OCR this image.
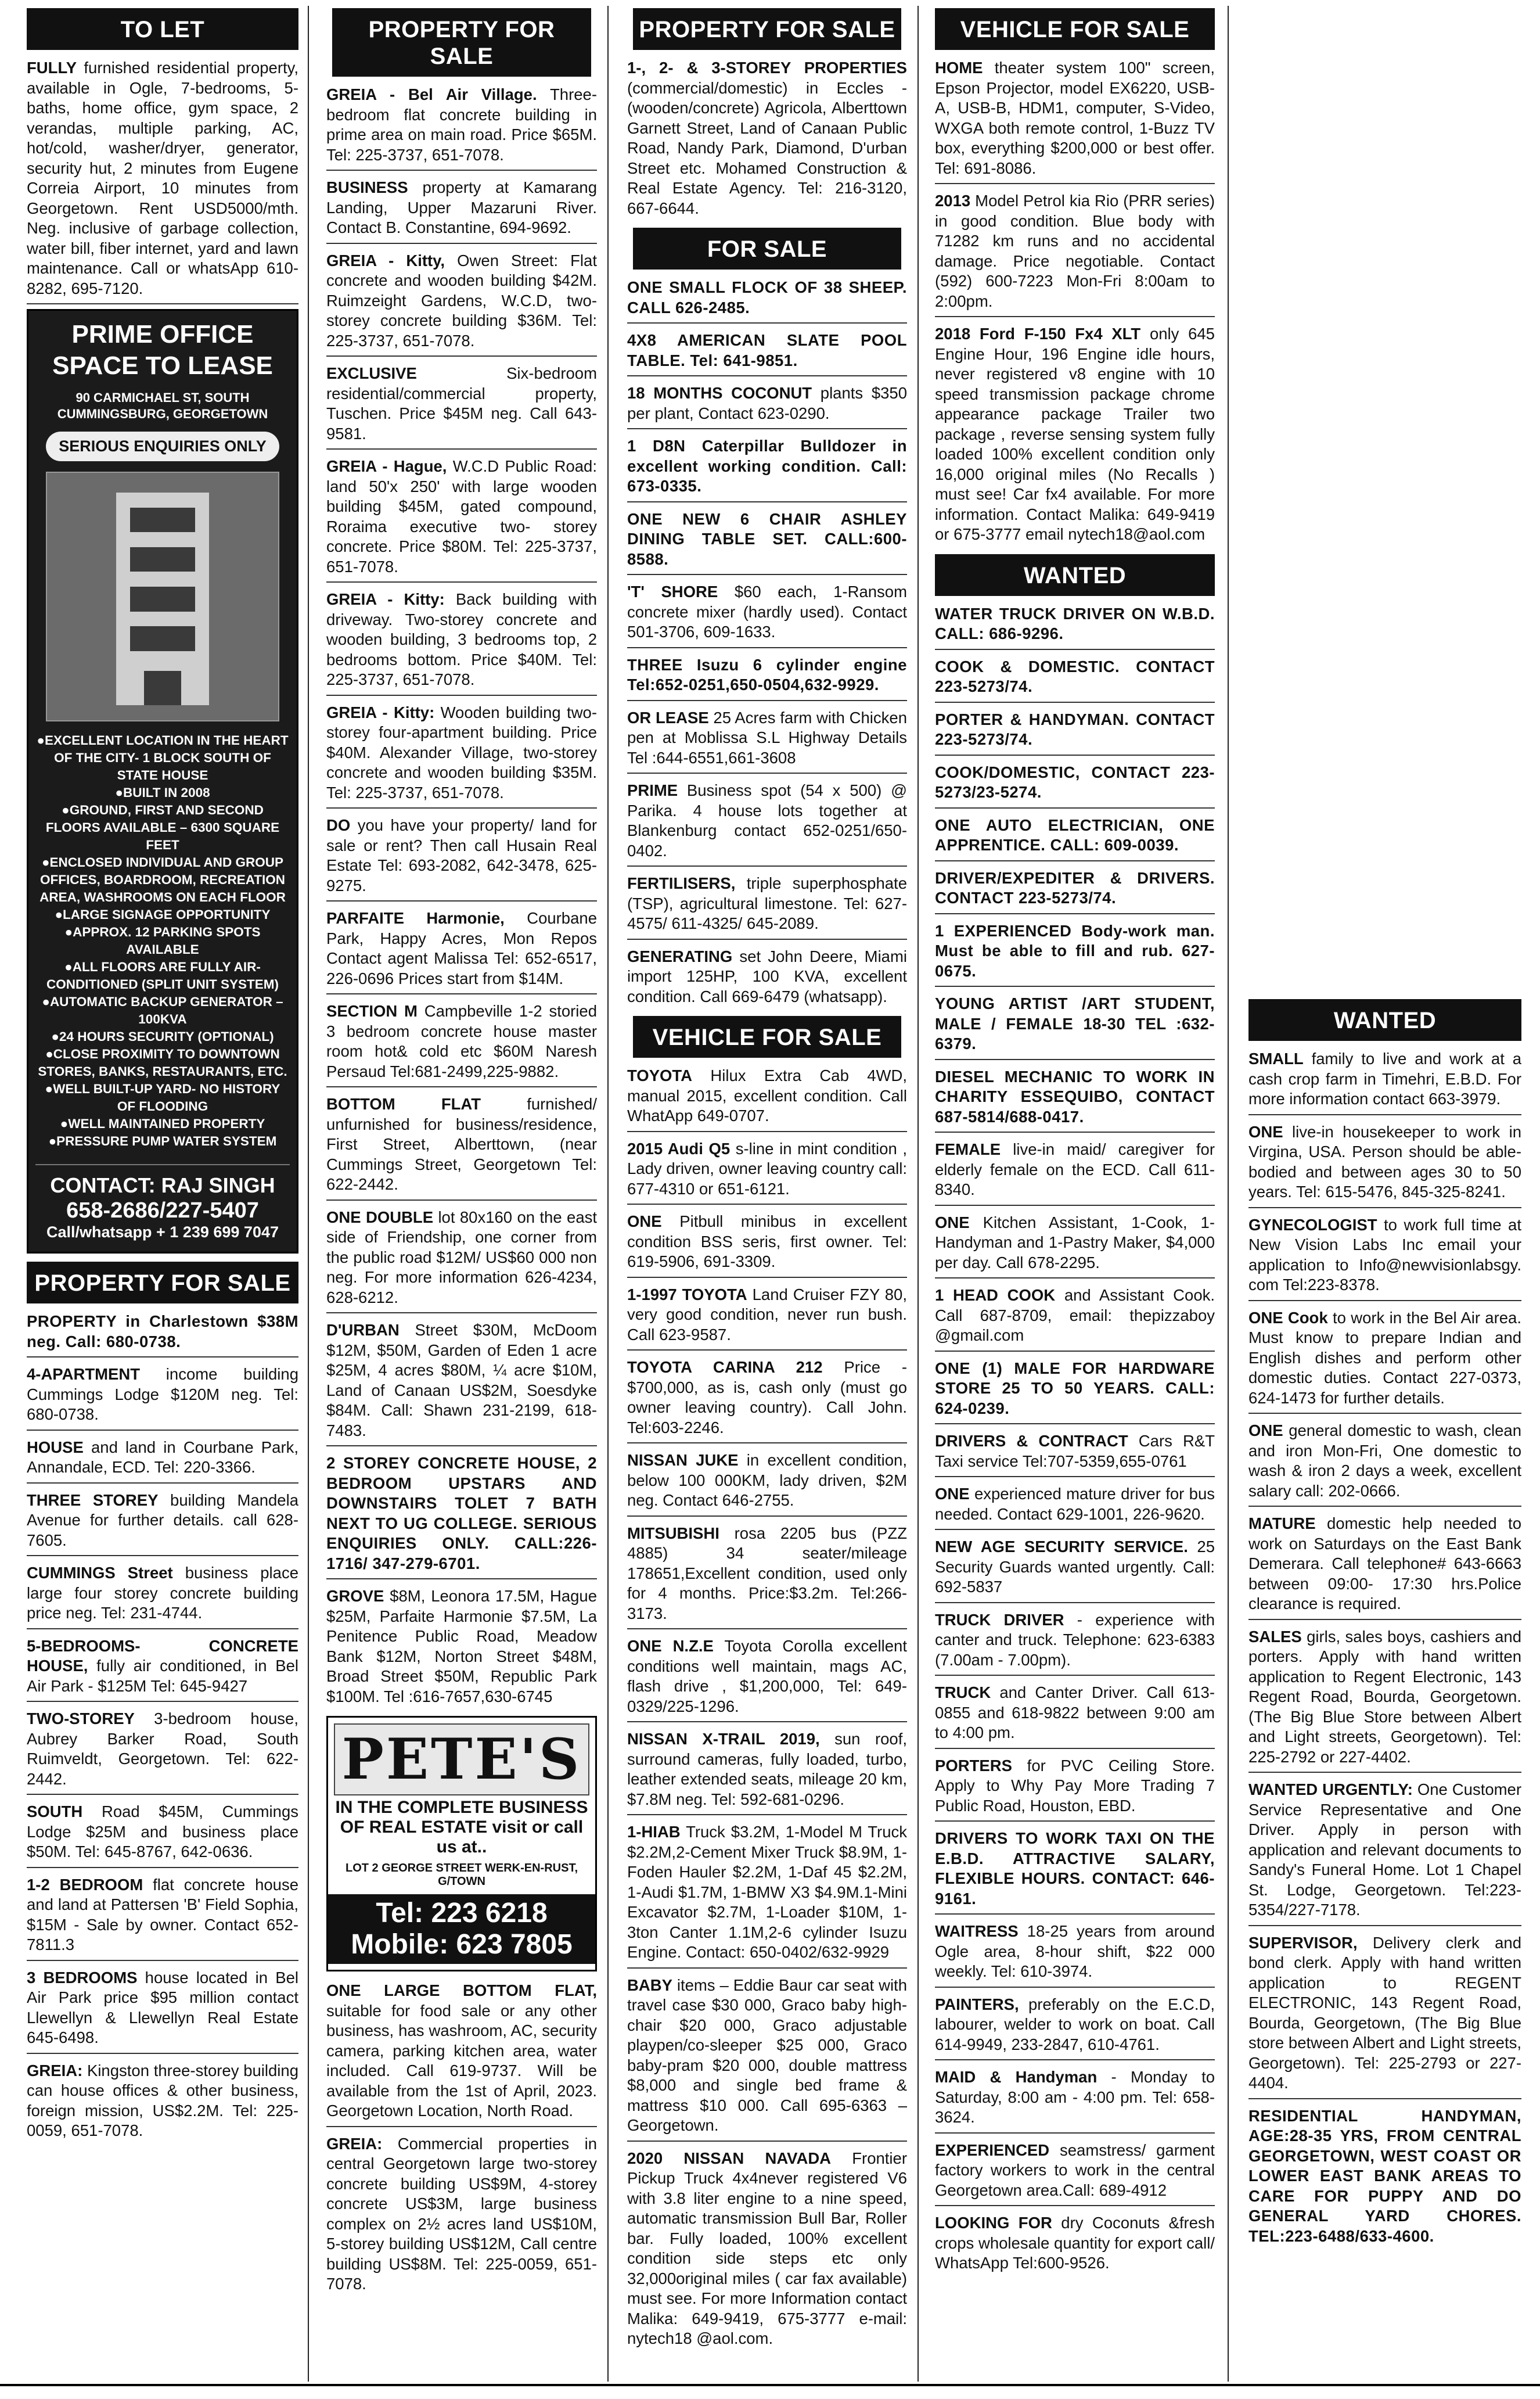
TO LET
FULLY furnished residential property, available in Ogle, 7-bedrooms, 5-baths, home office, gym space, 2 verandas, multiple parking, AC, hot/cold, washer/dryer, generator, security hut, 2 minutes from Eugene Correia Airport, 10 minutes from Georgetown. Rent USD5000/mth. Neg. inclusive of garbage collection, water bill, fiber internet, yard and lawn maintenance. Call or whatsApp 610-8282, 695-7120.
PRIME OFFICE SPACE TO LEASE
90 CARMICHAEL ST, SOUTH CUMMINGSBURG, GEORGETOWN
SERIOUS ENQUIRIES ONLY
● EXCELLENT LOCATION IN THE HEART OF THE CITY- 1 BLOCK SOUTH OF STATE HOUSE
● BUILT IN 2008
● GROUND, FIRST AND SECOND FLOORS AVAILABLE – 6300 SQUARE FEET
● ENCLOSED INDIVIDUAL AND GROUP OFFICES, BOARDROOM, RECREATION AREA, WASHROOMS ON EACH FLOOR
● LARGE SIGNAGE OPPORTUNITY
● APPROX. 12 PARKING SPOTS AVAILABLE
● ALL FLOORS ARE FULLY AIR-CONDITIONED (SPLIT UNIT SYSTEM)
● AUTOMATIC BACKUP GENERATOR – 100KVA
● 24 HOURS SECURITY (OPTIONAL)
● CLOSE PROXIMITY TO DOWNTOWN STORES, BANKS, RESTAURANTS, ETC.
● WELL BUILT-UP YARD- NO HISTORY OF FLOODING
● WELL MAINTAINED PROPERTY
● PRESSURE PUMP WATER SYSTEM
CONTACT: RAJ SINGH
658-2686/227-5407
Call/whatsapp + 1 239 699 7047
PROPERTY FOR SALE
PROPERTY in Charlestown $38M neg. Call: 680-0738.
4-APARTMENT income building Cummings Lodge $120M neg. Tel: 680-0738.
HOUSE and land in Courbane Park, Annandale, ECD. Tel: 220-3366.
THREE STOREY building Mandela Avenue for further details. call 628-7605.
CUMMINGS Street business place large four storey concrete building price neg. Tel: 231-4744.
5-BEDROOMS- CONCRETE HOUSE, fully air conditioned, in Bel Air Park - $125M Tel: 645-9427
TWO-STOREY 3-bedroom house, Aubrey Barker Road, South Ruimveldt, Georgetown. Tel: 622-2442.
SOUTH Road $45M, Cummings Lodge $25M and business place $50M. Tel: 645-8767, 642-0636.
1-2 BEDROOM flat concrete house and land at Pattersen 'B' Field Sophia, $15M - Sale by owner. Contact 652-7811.3
3 BEDROOMS house located in Bel Air Park price $95 million contact Llewellyn & Llewellyn Real Estate 645-6498.
GREIA: Kingston three-storey building can house offices & other business, foreign mission, US$2.2M. Tel: 225-0059, 651-7078.
PROPERTY FOR SALE
GREIA - Bel Air Village. Three-bedroom flat concrete building in prime area on main road. Price $65M. Tel: 225-3737, 651-7078.
BUSINESS property at Kamarang Landing, Upper Mazaruni River. Contact B. Constantine, 694-9692.
GREIA - Kitty, Owen Street: Flat concrete and wooden building $42M. Ruimzeight Gardens, W.C.D, two-storey concrete building $36M. Tel: 225-3737, 651-7078.
EXCLUSIVE Six-bedroom residential/commercial property, Tuschen. Price $45M neg. Call 643-9581.
GREIA - Hague, W.C.D Public Road: land 50'x 250' with large wooden building $45M, gated compound, Roraima executive two- storey concrete. Price $80M. Tel: 225-3737, 651-7078.
GREIA - Kitty: Back building with driveway. Two-storey concrete and wooden building, 3 bedrooms top, 2 bedrooms bottom. Price $40M. Tel: 225-3737, 651-7078.
GREIA - Kitty: Wooden building two-storey four-apartment building. Price $40M. Alexander Village, two-storey concrete and wooden building $35M. Tel: 225-3737, 651-7078.
DO you have your property/ land for sale or rent? Then call Husain Real Estate Tel: 693-2082, 642-3478, 625-9275.
PARFAITE Harmonie, Courbane Park, Happy Acres, Mon Repos Contact agent Malissa Tel: 652-6517, 226-0696 Prices start from $14M.
SECTION M Campbeville 1-2 storied 3 bedroom concrete house master room hot& cold etc $60M Naresh Persaud Tel:681-2499,225-9882.
BOTTOM FLAT furnished/ unfurnished for business/residence, First Street, Alberttown, (near Cummings Street, Georgetown Tel: 622-2442.
ONE DOUBLE lot 80x160 on the east side of Friendship, one corner from the public road $12M/ US$60 000 non neg. For more information 626-4234, 628-6212.
D'URBAN Street $30M, McDoom $12M, $50M, Garden of Eden 1 acre $25M, 4 acres $80M, ¼ acre $10M, Land of Canaan US$2M, Soesdyke $84M. Call: Shawn 231-2199, 618-7483.
2 STOREY CONCRETE HOUSE, 2 BEDROOM UPSTARS AND DOWNSTAIRS TOLET 7 BATH NEXT TO UG COLLEGE. SERIOUS ENQUIRIES ONLY. CALL:226-1716/ 347-279-6701.
GROVE $8M, Leonora 17.5M, Hague $25M, Parfaite Harmonie $7.5M, La Penitence Public Road, Meadow Bank $12M, Norton Street $48M, Broad Street $50M, Republic Park $100M. Tel :616-7657,630-6745
PETE'S
IN THE COMPLETE BUSINESS OF REAL ESTATE visit or call us at..
LOT 2 GEORGE STREET WERK-EN-RUST, G/TOWN
Tel: 223 6218
Mobile: 623 7805
ONE LARGE BOTTOM FLAT, suitable for food sale or any other business, has washroom, AC, security camera, parking kitchen area, water included. Call 619-9737. Will be available from the 1st of April, 2023. Georgetown Location, North Road.
GREIA: Commercial properties in central Georgetown large two-storey concrete building US$9M, 4-storey concrete US$3M, large business complex on 2½ acres land US$10M, 5-storey building US$12M, Call centre building US$8M. Tel: 225-0059, 651-7078.
PROPERTY FOR SALE
1-, 2- & 3-STOREY PROPERTIES (commercial/domestic) in Eccles - (wooden/concrete) Agricola, Alberttown Garnett Street, Land of Canaan Public Road, Nandy Park, Diamond, D'urban Street etc. Mohamed Construction & Real Estate Agency. Tel: 216-3120, 667-6644.
FOR SALE
ONE SMALL FLOCK OF 38 SHEEP. CALL 626-2485.
4X8 AMERICAN SLATE POOL TABLE. Tel: 641-9851.
18 MONTHS COCONUT plants $350 per plant, Contact 623-0290.
1 D8N Caterpillar Bulldozer in excellent working condition. Call: 673-0335.
ONE NEW 6 CHAIR ASHLEY DINING TABLE SET. CALL:600-8588.
'T' SHORE $60 each, 1-Ransom concrete mixer (hardly used). Contact 501-3706, 609-1633.
THREE Isuzu 6 cylinder engine Tel:652-0251,650-0504,632-9929.
OR LEASE 25 Acres farm with Chicken pen at Moblissa S.L Highway Details Tel :644-6551,661-3608
PRIME Business spot (54 x 500) @ Parika. 4 house lots together at Blankenburg contact 652-0251/650-0402.
FERTILISERS, triple superphosphate (TSP), agricultural limestone. Tel: 627-4575/ 611-4325/ 645-2089.
GENERATING set John Deere, Miami import 125HP, 100 KVA, excellent condition. Call 669-6479 (whatsapp).
VEHICLE FOR SALE
TOYOTA Hilux Extra Cab 4WD, manual 2015, excellent condition. Call WhatApp 649-0707.
2015 Audi Q5 s-line in mint condition , Lady driven, owner leaving country call: 677-4310 or 651-6121.
ONE Pitbull minibus in excellent condition BSS seris, first owner. Tel: 619-5906, 691-3309.
1-1997 TOYOTA Land Cruiser FZY 80, very good condition, never run bush. Call 623-9587.
TOYOTA CARINA 212 Price - $700,000, as is, cash only (must go owner leaving country). Call John. Tel:603-2246.
NISSAN JUKE in excellent condition, below 100 000KM, lady driven, $2M neg. Contact 646-2755.
MITSUBISHI rosa 2205 bus (PZZ 4885) 34 seater/mileage 178651,Excellent condition, used only for 4 months. Price:$3.2m. Tel:266-3173.
ONE N.Z.E Toyota Corolla excellent conditions well maintain, mags AC, flash drive , $1,200,000, Tel: 649-0329/225-1296.
NISSAN X-TRAIL 2019, sun roof, surround cameras, fully loaded, turbo, leather extended seats, mileage 20 km, $7.8M neg. Tel: 592-681-0296.
1-HIAB Truck $3.2M, 1-Model M Truck $2.2M,2-Cement Mixer Truck $8.9M, 1-Foden Hauler $2.2M, 1-Daf 45 $2.2M, 1-Audi $1.7M, 1-BMW X3 $4.9M.1-Mini Excavator $2.7M, 1-Loader $10M, 1-3ton Canter 1.1M,2-6 cylinder Isuzu Engine. Contact: 650-0402/632-9929
BABY items – Eddie Baur car seat with travel case $30 000, Graco baby high-chair $20 000, Graco adjustable playpen/co-sleeper $25 000, Graco baby-pram $20 000, double mattress $8,000 and single bed frame & mattress $10 000. Call 695-6363 – Georgetown.
2020 NISSAN NAVADA Frontier Pickup Truck 4x4never registered V6 with 3.8 liter engine to a nine speed, automatic transmission Bull Bar, Roller bar. Fully loaded, 100% excellent condition side steps etc only 32,000original miles ( car fax available) must see. For more Information contact Malika: 649-9419, 675-3777 e-mail: nytech18 @aol.com.
VEHICLE FOR SALE
HOME theater system 100" screen, Epson Projector, model EX6220, USB-A, USB-B, HDM1, computer, S-Video, WXGA both remote control, 1-Buzz TV box, everything $200,000 or best offer. Tel: 691-8086.
2013 Model Petrol kia Rio (PRR series) in good condition. Blue body with 71282 km runs and no accidental damage. Price negotiable. Contact (592) 600-7223 Mon-Fri 8:00am to 2:00pm.
2018 Ford F-150 Fx4 XLT only 645 Engine Hour, 196 Engine idle hours, never registered v8 engine with 10 speed transmission package chrome appearance package Trailer two package , reverse sensing system fully loaded 100% excellent condition only 16,000 original miles (No Recalls ) must see! Car fx4 available. For more information. Contact Malika: 649-9419 or 675-3777 email nytech18@aol.com
WANTED
WATER TRUCK DRIVER ON W.B.D. CALL: 686-9296.
COOK & DOMESTIC. CONTACT 223-5273/74.
PORTER & HANDYMAN. CONTACT 223-5273/74.
COOK/DOMESTIC, CONTACT 223-5273/23-5274.
ONE AUTO ELECTRICIAN, ONE APPRENTICE. CALL: 609-0039.
DRIVER/EXPEDITER & DRIVERS. CONTACT 223-5273/74.
1 EXPERIENCED Body-work man. Must be able to fill and rub. 627-0675.
YOUNG ARTIST /ART STUDENT, MALE / FEMALE 18-30 TEL :632-6379.
DIESEL MECHANIC TO WORK IN CHARITY ESSEQUIBO, CONTACT 687-5814/688-0417.
FEMALE live-in maid/ caregiver for elderly female on the ECD. Call 611-8340.
ONE Kitchen Assistant, 1-Cook, 1-Handyman and 1-Pastry Maker, $4,000 per day. Call 678-2295.
1 HEAD COOK and Assistant Cook. Call 687-8709, email: thepizzaboy @gmail.com
ONE (1) MALE FOR HARDWARE STORE 25 TO 50 YEARS. CALL: 624-0239.
DRIVERS & CONTRACT Cars R&T Taxi service Tel:707-5359,655-0761
ONE experienced mature driver for bus needed. Contact 629-1001, 226-9620.
NEW AGE SECURITY SERVICE. 25 Security Guards wanted urgently. Call: 692-5837
TRUCK DRIVER - experience with canter and truck. Telephone: 623-6383 (7.00am - 7.00pm).
TRUCK and Canter Driver. Call 613-0855 and 618-9822 between 9:00 am to 4:00 pm.
PORTERS for PVC Ceiling Store. Apply to Why Pay More Trading 7 Public Road, Houston, EBD.
DRIVERS TO WORK TAXI ON THE E.B.D. ATTRACTIVE SALARY, FLEXIBLE HOURS. CONTACT: 646-9161.
WAITRESS 18-25 years from around Ogle area, 8-hour shift, $22 000 weekly. Tel: 610-3974.
PAINTERS, preferably on the E.C.D, labourer, welder to work on boat. Call 614-9949, 233-2847, 610-4761.
MAID & Handyman - Monday to Saturday, 8:00 am - 4:00 pm. Tel: 658-3624.
EXPERIENCED seamstress/ garment factory workers to work in the central Georgetown area.Call: 689-4912
LOOKING FOR dry Coconuts &fresh crops wholesale quantity for export call/ WhatsApp Tel:600-9526.
WANTED
SMALL family to live and work at a cash crop farm in Timehri, E.B.D. For more information contact 663-3979.
ONE live-in housekeeper to work in Virgina, USA. Person should be able-bodied and between ages 30 to 50 years. Tel: 615-5476, 845-325-8241.
GYNECOLOGIST to work full time at New Vision Labs Inc email your application to Info@newvisionlabsgy. com Tel:223-8378.
ONE Cook to work in the Bel Air area. Must know to prepare Indian and English dishes and perform other domestic duties. Contact 227-0373, 624-1473 for further details.
ONE general domestic to wash, clean and iron Mon-Fri, One domestic to wash & iron 2 days a week, excellent salary call: 202-0666.
MATURE domestic help needed to work on Saturdays on the East Bank Demerara. Call telephone# 643-6663 between 09:00- 17:30 hrs.Police clearance is required.
SALES girls, sales boys, cashiers and porters. Apply with hand written application to Regent Electronic, 143 Regent Road, Bourda, Georgetown. (The Big Blue Store between Albert and Light streets, Georgetown). Tel: 225-2792 or 227-4402.
WANTED URGENTLY: One Customer Service Representative and One Driver. Apply in person with application and relevant documents to Sandy's Funeral Home. Lot 1 Chapel St. Lodge, Georgetown. Tel:223-5354/227-7178.
SUPERVISOR, Delivery clerk and bond clerk. Apply with hand written application to REGENT ELECTRONIC, 143 Regent Road, Bourda, Georgetown, (The Big Blue store between Albert and Light streets, Georgetown). Tel: 225-2793 or 227-4404.
RESIDENTIAL HANDYMAN, AGE:28-35 YRS, FROM CENTRAL GEORGETOWN, WEST COAST OR LOWER EAST BANK AREAS TO CARE FOR PUPPY AND DO GENERAL YARD CHORES. TEL:223-6488/633-4600.
